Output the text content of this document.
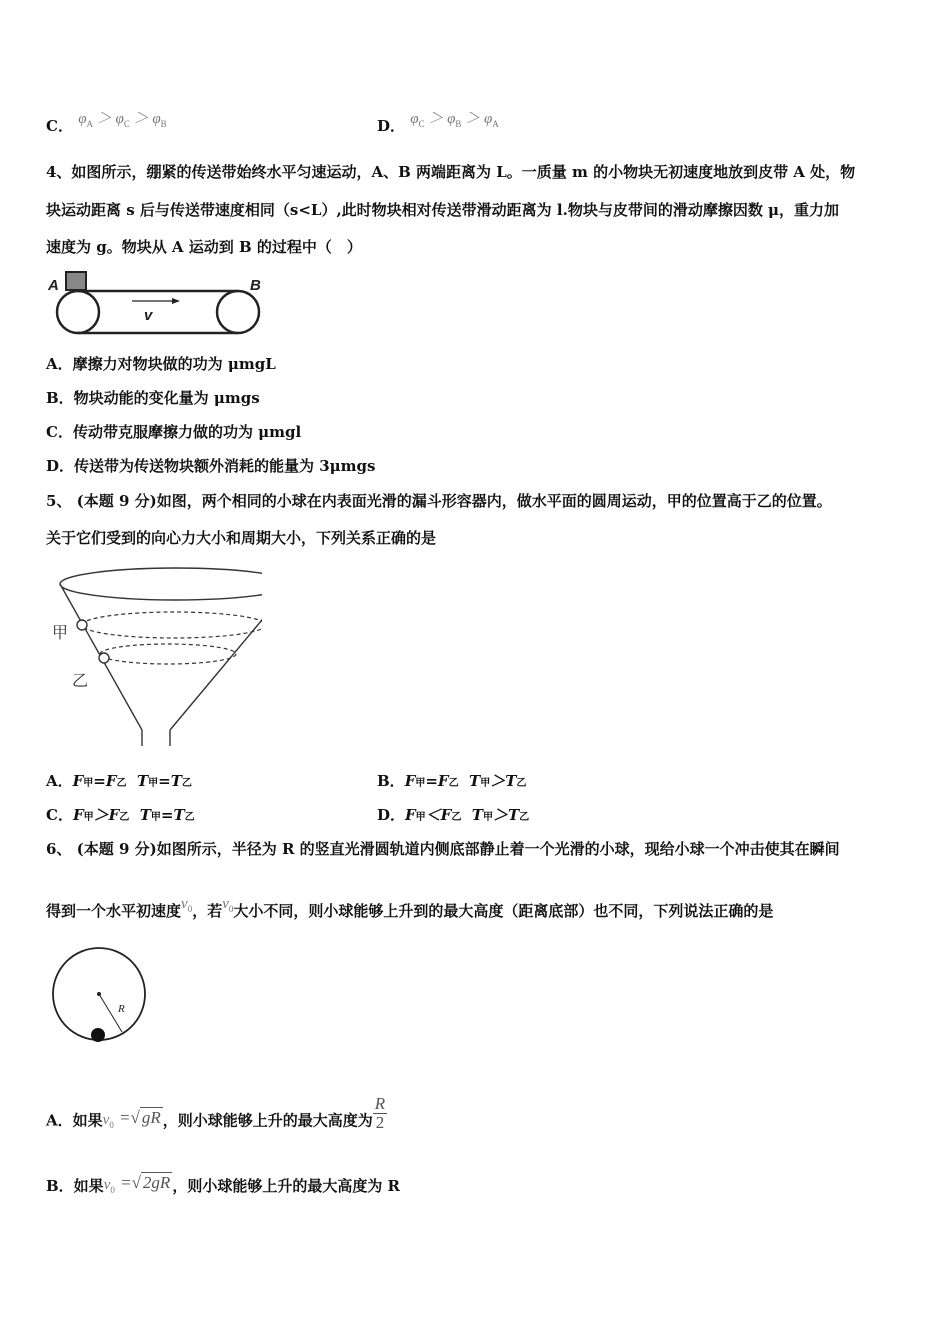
C． $\varphi_A > \varphi_C > \varphi_B$	D． $\varphi_C > \varphi_B > \varphi_A$
4、如图所示，绷紧的传送带始终水平匀速运动，A、B 两端距离为 L。一质量 m 的小物块无初速度地放到皮带 A 处，物
块运动距离 s 后与传送带速度相同（s<L）,此时物块相对传送带滑动距离为 l.物块与皮带间的滑动摩擦因数 μ，重力加
速度为 g。物块从 A 运动到 B 的过程中（　）
A	B
v
A．摩擦力对物块做的功为 μmgL
B．物块动能的变化量为 μmgs
C．传动带克服摩擦力做的功为 μmgl
D．传送带为传送物块额外消耗的能量为 3μmgs
5、 (本题 9 分)如图，两个相同的小球在内表面光滑的漏斗形容器内，做水平面的圆周运动，甲的位置高于乙的位置。
关于它们受到的向心力大小和周期大小，下列关系正确的是
甲
乙
A．F甲=F乙 T甲=T乙	B．F甲=F乙 T甲＞T乙
C．F甲＞F乙 T甲=T乙	D．F甲＜F乙 T甲＞T乙
6、 (本题 9 分)如图所示，半径为 R 的竖直光滑圆轨道内侧底部静止着一个光滑的小球，现给小球一个冲击使其在瞬间
得到一个水平初速度$v_0$，若$v_0$大小不同，则小球能够上升到的最大高度（距离底部）也不同，下列说法正确的是
R
A．如果$v_0$ =√ gR ，则小球能够上升的最大高度为 $\frac{R}{2}$
B．如果$v_0$ =√ 2gR ，则小球能够上升的最大高度为 R
